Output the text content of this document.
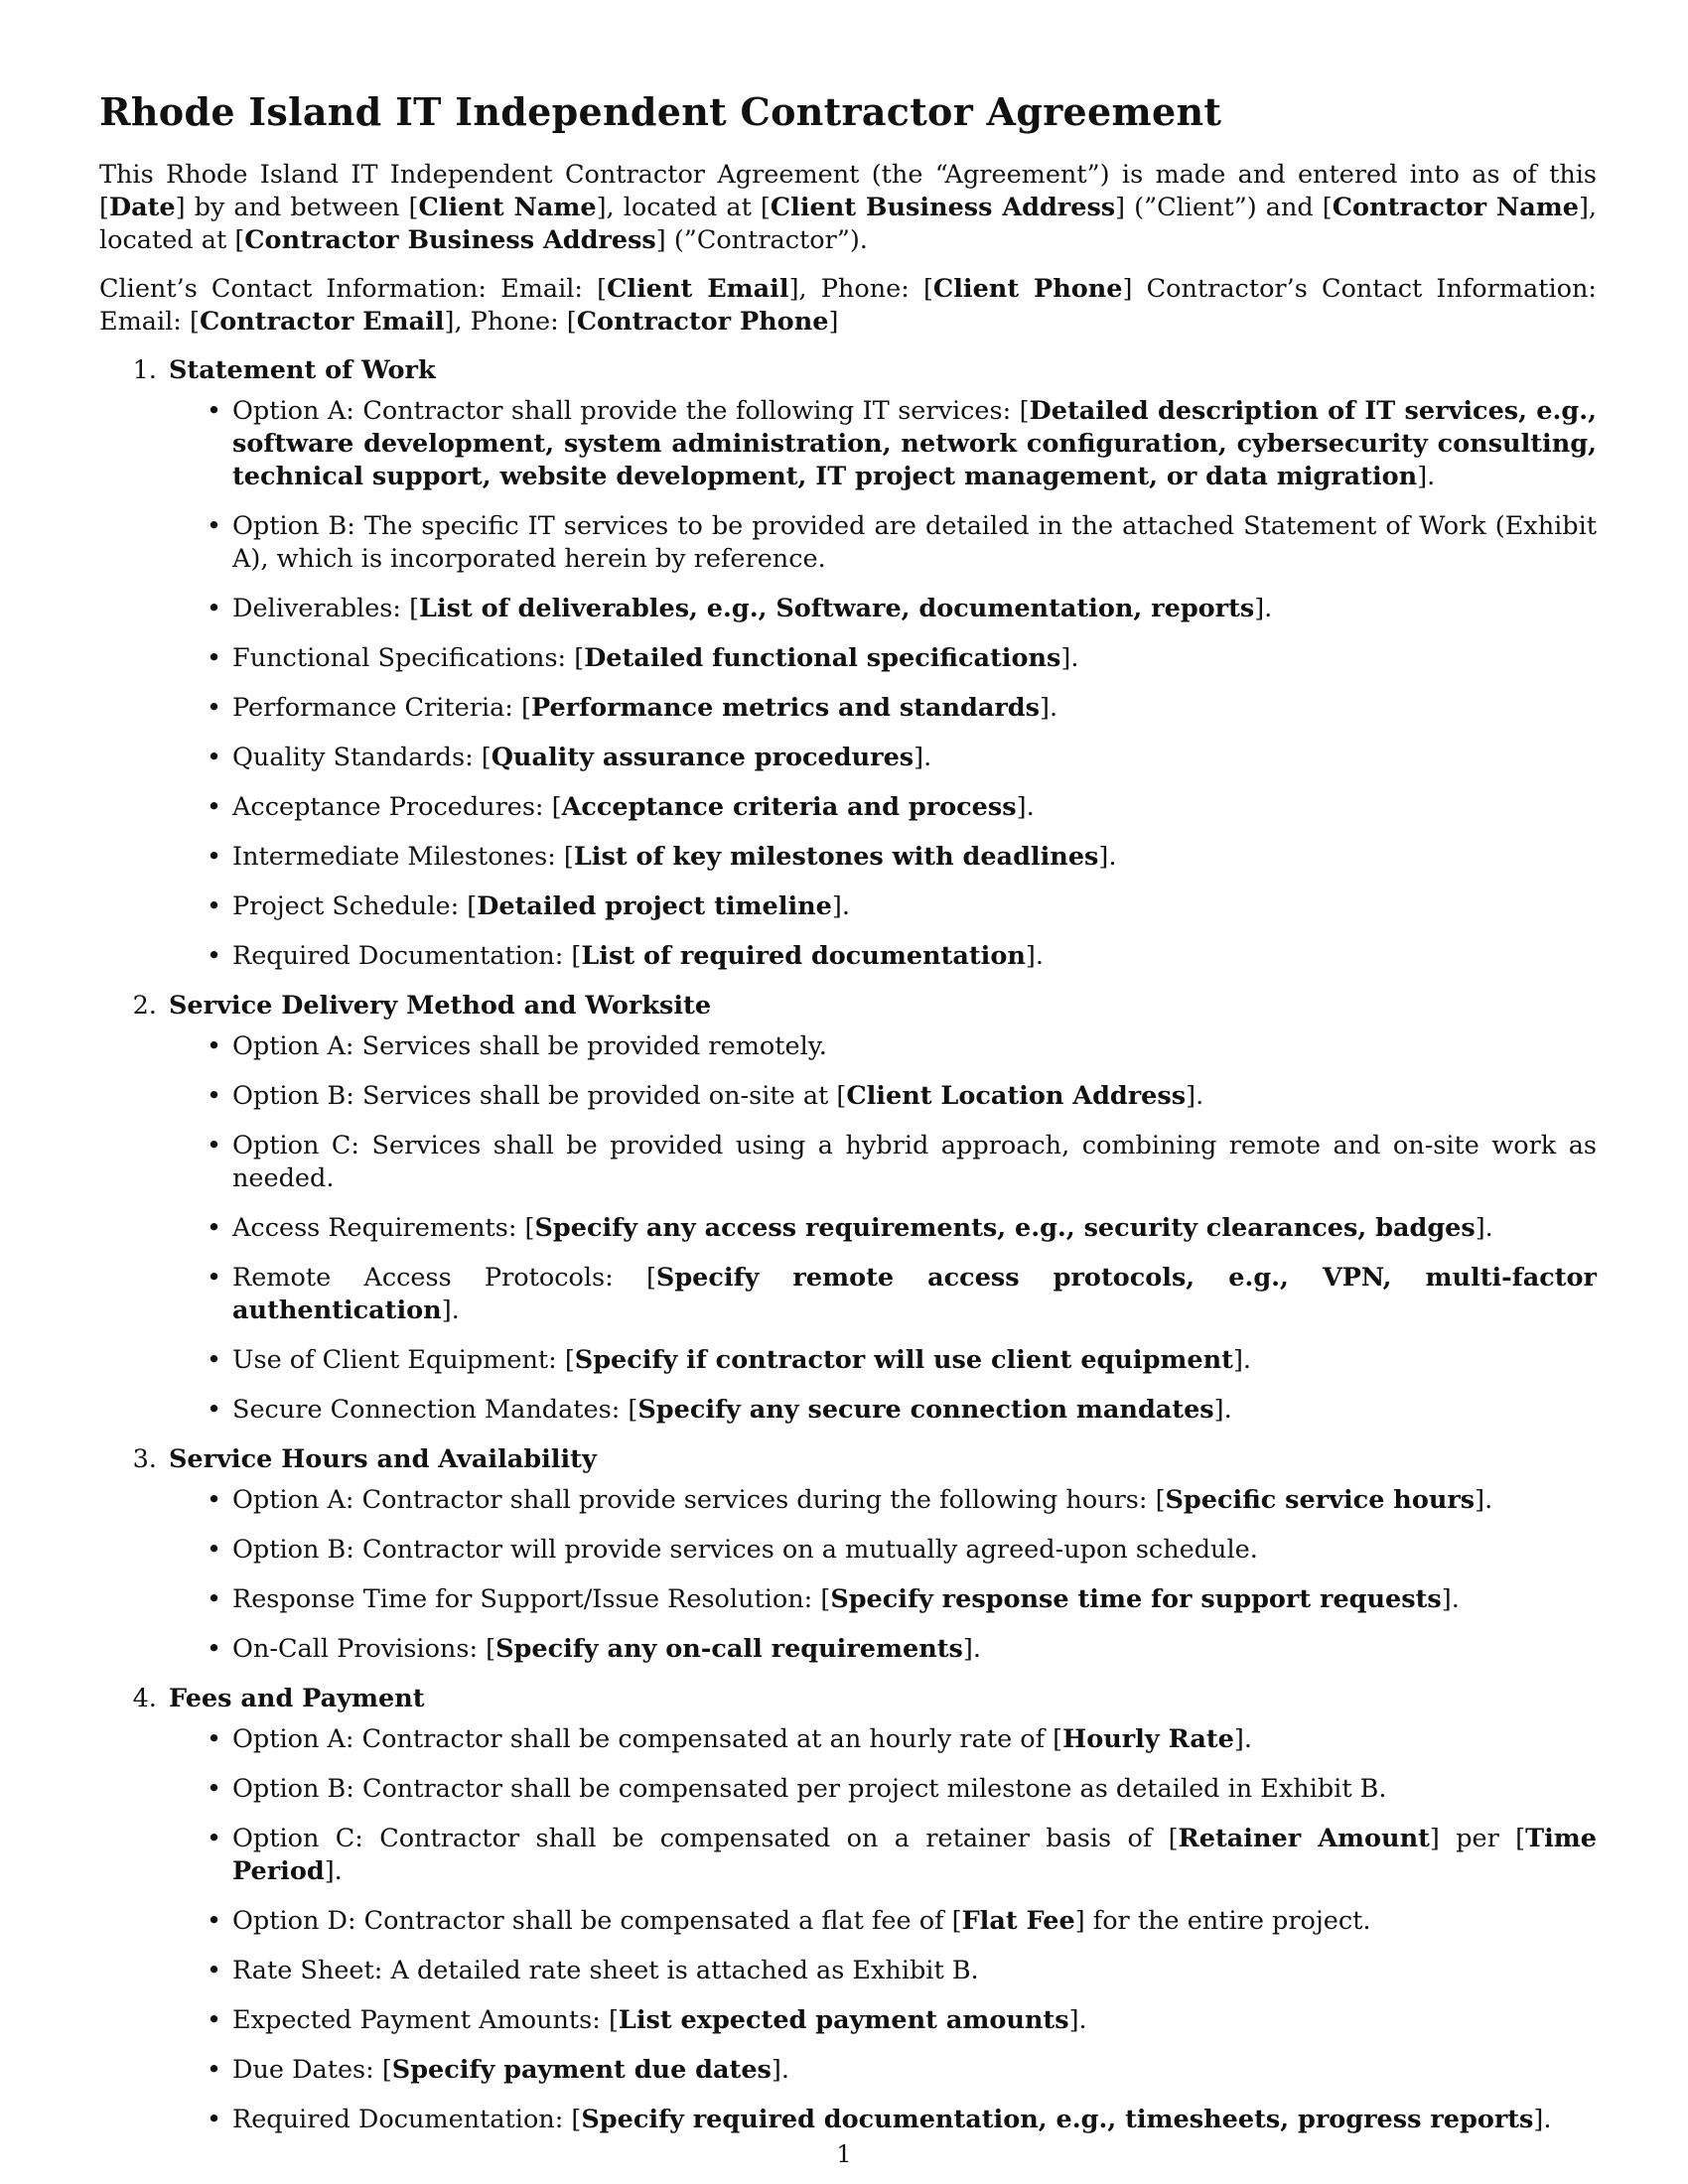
Rhode Island IT Independent Contractor Agreement

This Rhode Island IT Independent Contractor Agreement (the “Agreement”) is made and entered into as of this [Date] by and between [Client Name], located at [Client Business Address] (”Client”) and [Contractor Name], located at [Contractor Business Address] (”Contractor”).

Client’s Contact Information: Email: [Client Email], Phone: [Client Phone] Contractor’s Contact Information: Email: [Contractor Email], Phone: [Contractor Phone]

1. Statement of Work
• Option A: Contractor shall provide the following IT services: [Detailed description of IT services, e.g., software development, system administration, network configuration, cybersecurity consulting, technical support, website development, IT project management, or data migration].
• Option B: The specific IT services to be provided are detailed in the attached Statement of Work (Exhibit A), which is incorporated herein by reference.
• Deliverables: [List of deliverables, e.g., Software, documentation, reports].
• Functional Specifications: [Detailed functional specifications].
• Performance Criteria: [Performance metrics and standards].
• Quality Standards: [Quality assurance procedures].
• Acceptance Procedures: [Acceptance criteria and process].
• Intermediate Milestones: [List of key milestones with deadlines].
• Project Schedule: [Detailed project timeline].
• Required Documentation: [List of required documentation].
2. Service Delivery Method and Worksite
• Option A: Services shall be provided remotely.
• Option B: Services shall be provided on-site at [Client Location Address].
• Option C: Services shall be provided using a hybrid approach, combining remote and on-site work as needed.
• Access Requirements: [Specify any access requirements, e.g., security clearances, badges].
• Remote Access Protocols: [Specify remote access protocols, e.g., VPN, multi-factor authentication].
• Use of Client Equipment: [Specify if contractor will use client equipment].
• Secure Connection Mandates: [Specify any secure connection mandates].
3. Service Hours and Availability
• Option A: Contractor shall provide services during the following hours: [Specific service hours].
• Option B: Contractor will provide services on a mutually agreed-upon schedule.
• Response Time for Support/Issue Resolution: [Specify response time for support requests].
• On-Call Provisions: [Specify any on-call requirements].
4. Fees and Payment
• Option A: Contractor shall be compensated at an hourly rate of [Hourly Rate].
• Option B: Contractor shall be compensated per project milestone as detailed in Exhibit B.
• Option C: Contractor shall be compensated on a retainer basis of [Retainer Amount] per [Time Period].
• Option D: Contractor shall be compensated a flat fee of [Flat Fee] for the entire project.
• Rate Sheet: A detailed rate sheet is attached as Exhibit B.
• Expected Payment Amounts: [List expected payment amounts].
• Due Dates: [Specify payment due dates].
• Required Documentation: [Specify required documentation, e.g., timesheets, progress reports].
1
